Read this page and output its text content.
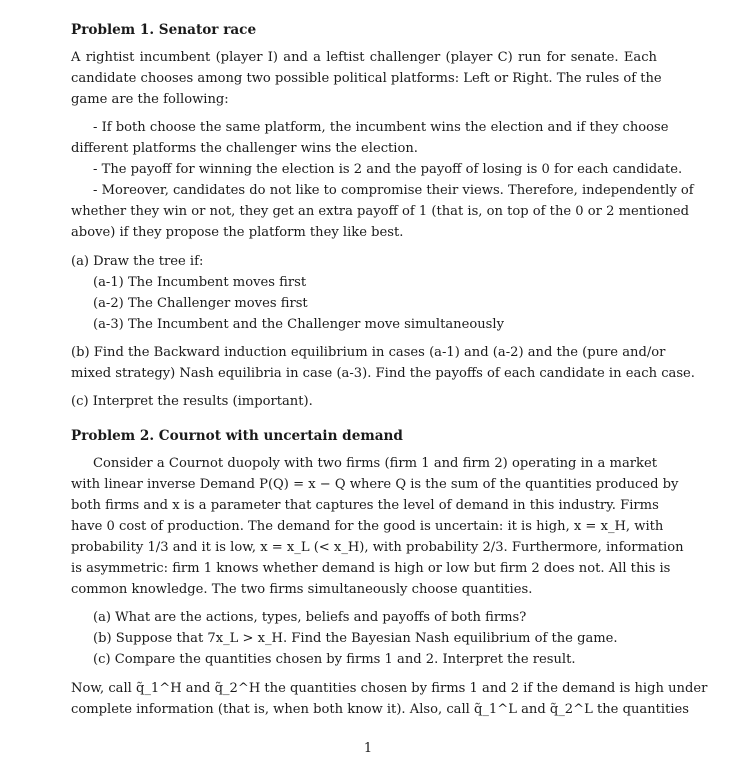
Problem 1. Senator race
A rightist incumbent (player I) and a leftist challenger (player C) run for senate. Each
candidate chooses among two possible political platforms: Left or Right. The rules of the
game are the following:
- If both choose the same platform, the incumbent wins the election and if they choose
different platforms the challenger wins the election.
- The payoff for winning the election is 2 and the payoff of losing is 0 for each candidate.
- Moreover, candidates do not like to compromise their views. Therefore, independently of
whether they win or not, they get an extra payoff of 1 (that is, on top of the 0 or 2 mentioned
above) if they propose the platform they like best.
(a) Draw the tree if:
(a-1) The Incumbent moves first
(a-2) The Challenger moves first
(a-3) The Incumbent and the Challenger move simultaneously
(b) Find the Backward induction equilibrium in cases (a-1) and (a-2) and the (pure and/or
mixed strategy) Nash equilibria in case (a-3). Find the payoffs of each candidate in each case.
(c) Interpret the results (important).
Problem 2. Cournot with uncertain demand
Consider a Cournot duopoly with two firms (firm 1 and firm 2) operating in a market
with linear inverse Demand P(Q) = x − Q where Q is the sum of the quantities produced by
both firms and x is a parameter that captures the level of demand in this industry. Firms
have 0 cost of production. The demand for the good is uncertain: it is high, x = x_H, with
probability 1/3 and it is low, x = x_L (< x_H), with probability 2/3. Furthermore, information
is asymmetric: firm 1 knows whether demand is high or low but firm 2 does not. All this is
common knowledge. The two firms simultaneously choose quantities.
(a) What are the actions, types, beliefs and payoffs of both firms?
(b) Suppose that 7x_L > x_H. Find the Bayesian Nash equilibrium of the game.
(c) Compare the quantities chosen by firms 1 and 2. Interpret the result.
Now, call q̃_1^H and q̃_2^H the quantities chosen by firms 1 and 2 if the demand is high under
complete information (that is, when both know it). Also, call q̃_1^L and q̃_2^L the quantities
1
